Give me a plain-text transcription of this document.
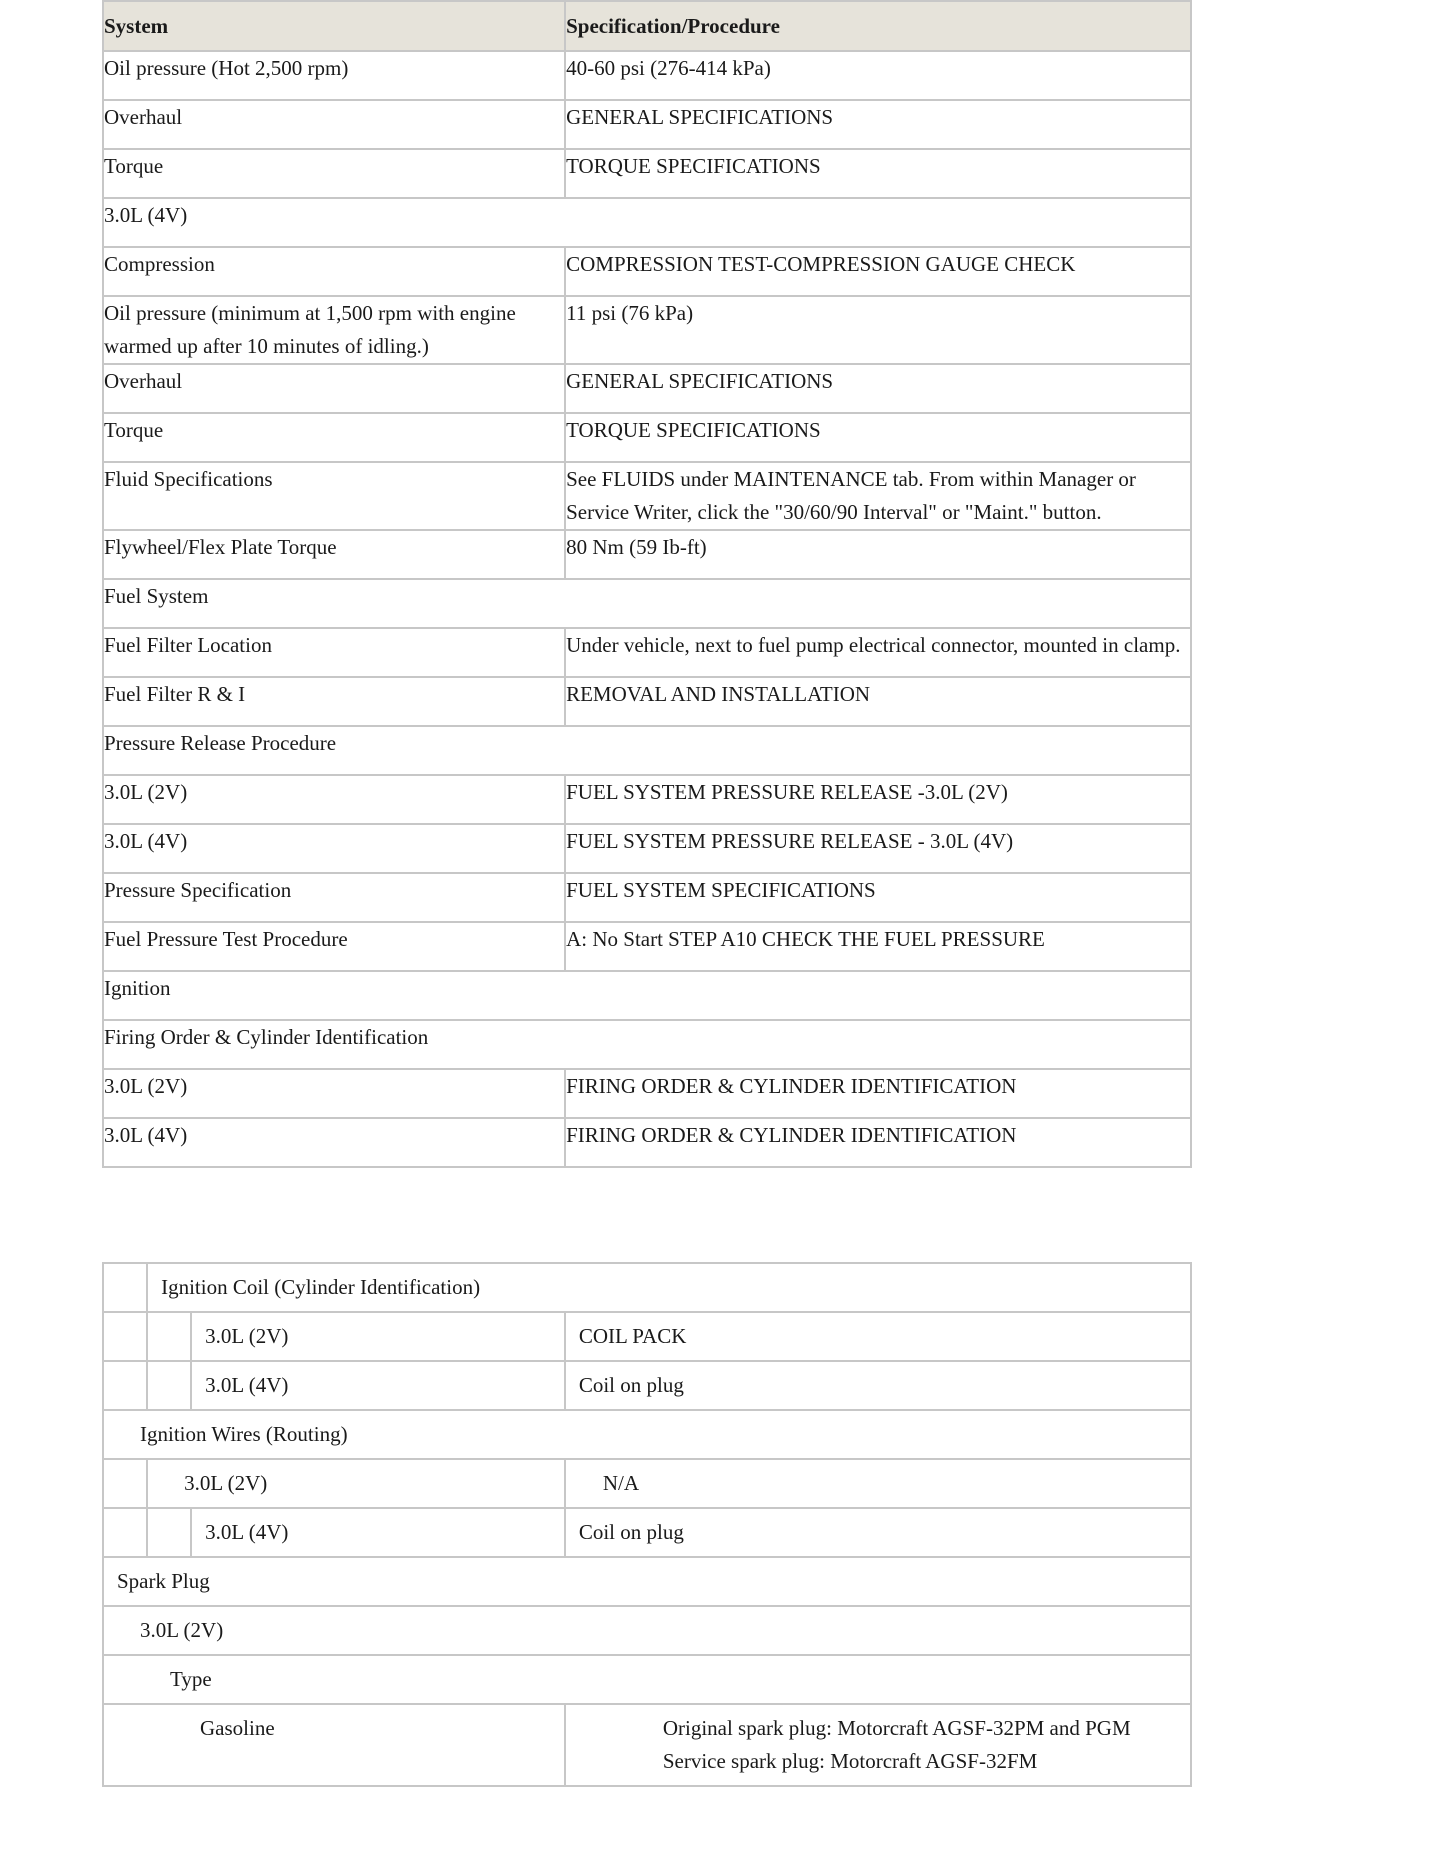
System	Specification/Procedure
Oil pressure (Hot 2,500 rpm)	40-60 psi (276-414 kPa)
Overhaul	GENERAL SPECIFICATIONS
Torque	TORQUE SPECIFICATIONS
3.0L (4V)	
Compression	COMPRESSION TEST-COMPRESSION GAUGE CHECK
Oil pressure (minimum at 1,500 rpm with engine warmed up after 10 minutes of idling.)	11 psi (76 kPa)
Overhaul	GENERAL SPECIFICATIONS
Torque	TORQUE SPECIFICATIONS
Fluid Specifications	See FLUIDS under MAINTENANCE tab. From within Manager or Service Writer, click the "30/60/90 Interval" or "Maint." button.
Flywheel/Flex Plate Torque	80 Nm (59 Ib-ft)
Fuel System	
Fuel Filter Location	Under vehicle, next to fuel pump electrical connector, mounted in clamp.
Fuel Filter R & I	REMOVAL AND INSTALLATION
Pressure Release Procedure	
3.0L (2V)	FUEL SYSTEM PRESSURE RELEASE -3.0L (2V)
3.0L (4V)	FUEL SYSTEM PRESSURE RELEASE - 3.0L (4V)
Pressure Specification	FUEL SYSTEM SPECIFICATIONS
Fuel Pressure Test Procedure	A: No Start STEP A10 CHECK THE FUEL PRESSURE
Ignition	
Firing Order & Cylinder Identification	
3.0L (2V)	FIRING ORDER & CYLINDER IDENTIFICATION
3.0L (4V)	FIRING ORDER & CYLINDER IDENTIFICATION
	Ignition Coil (Cylinder Identification)		
		3.0L (2V)	COIL PACK
		3.0L (4V)	Coil on plug
Ignition Wires (Routing)			
	3.0L (2V)		N/A
		3.0L (4V)	Coil on plug
Spark Plug			
3.0L (2V)			
Type			
Gasoline			Original spark plug: Motorcraft AGSF-32PM and PGM
Service spark plug: Motorcraft AGSF-32FM
